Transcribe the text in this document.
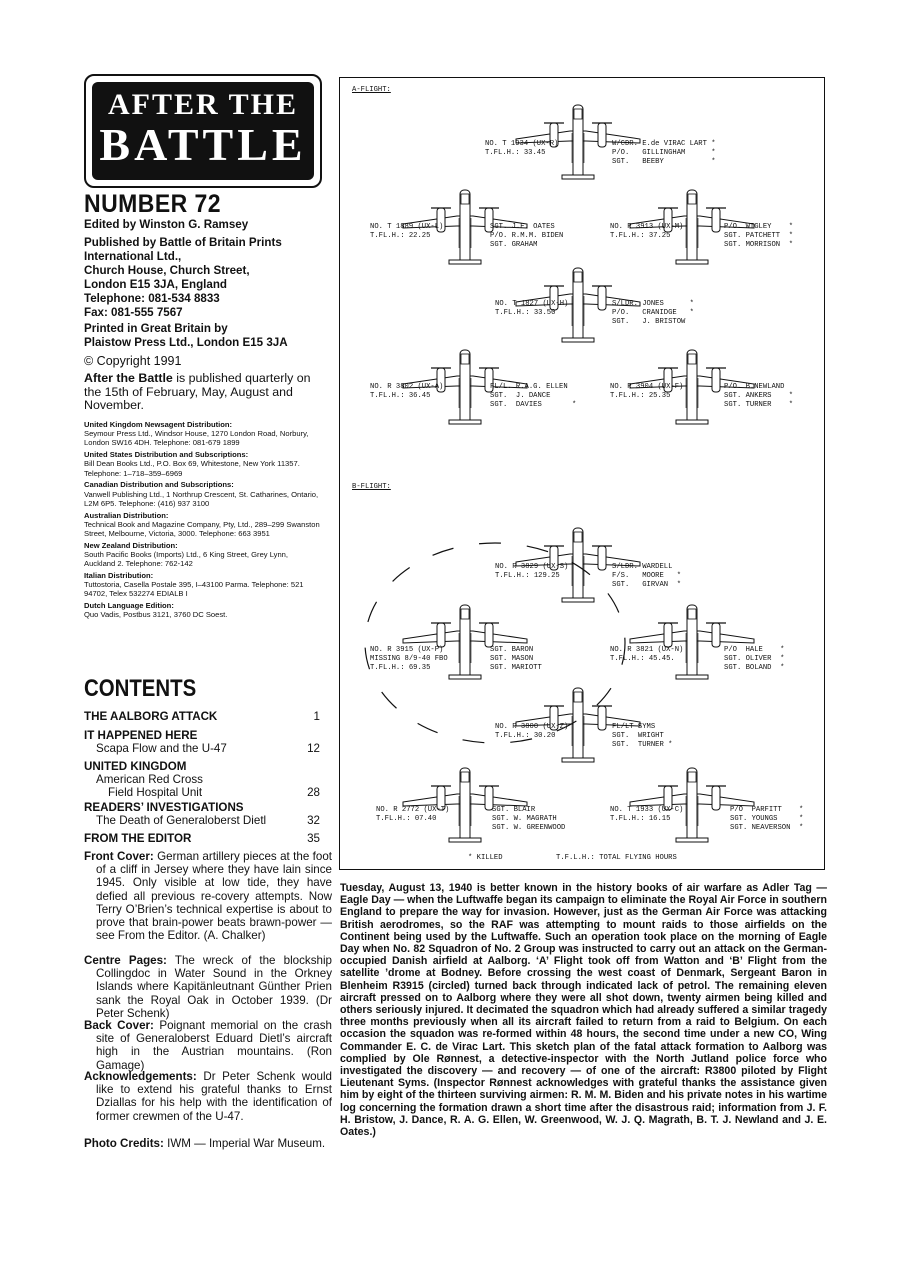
AFTER THE
BATTLE
NUMBER 72
Edited by Winston G. Ramsey
Published by Battle of Britain Prints
International Ltd.,
Church House, Church Street,
London E15 3JA, England
Telephone: 081-534 8833
Fax: 081-555 7567
Printed in Great Britain by
Plaistow Press Ltd., London E15 3JA
© Copyright 1991
After the Battle is published quarterly on the 15th of February, May, August and November.
United Kingdom Newsagent Distribution:
Seymour Press Ltd., Windsor House, 1270 London Road, Norbury, London SW16 4DH. Telephone: 081-679 1899
United States Distribution and Subscriptions:
Bill Dean Books Ltd., P.O. Box 69, Whitestone, New York 11357. Telephone: 1–718–359–6969
Canadian Distribution and Subscriptions:
Vanwell Publishing Ltd., 1 Northrup Crescent, St. Catharines, Ontario, L2M 6P5. Telephone: (416) 937 3100
Australian Distribution:
Technical Book and Magazine Company, Pty, Ltd., 289–299 Swanston Street, Melbourne, Victoria, 3000. Telephone: 663 3951
New Zealand Distribution:
South Pacific Books (Imports) Ltd., 6 King Street, Grey Lynn, Auckland 2. Telephone: 762-142
Italian Distribution:
Tuttostoria, Casella Postale 395, I–43100 Parma. Telephone: 521 94702, Telex 532274 EDIALB I
Dutch Language Edition:
Quo Vadis, Postbus 3121, 3760 DC Soest.
CONTENTS
THE AALBORG ATTACK	1
IT HAPPENED HERE
Scapa Flow and the U-47	12
UNITED KINGDOM
American Red Cross
Field Hospital Unit	28
READERS’ INVESTIGATIONS
The Death of Generaloberst Dietl	32
FROM THE EDITOR	35
Front Cover: German artillery pieces at the foot of a cliff in Jersey where they have lain since 1945. Only visible at low tide, they have defied all previous re-covery attempts. Now Terry O’Brien’s technical expertise is about to prove that brain-power beats brawn-power — see From the Editor. (A. Chalker)
Centre Pages: The wreck of the blockship Collingdoc in Water Sound in the Orkney Islands where Kapitänleutnant Günther Prien sank the Royal Oak in October 1939. (Dr Peter Schenk)
Back Cover: Poignant memorial on the crash site of Generaloberst Eduard Dietl’s aircraft high in the Austrian mountains. (Ron Gamage)
Acknowledgements: Dr Peter Schenk would like to extend his grateful thanks to Ernst Dziallas for his help with the identification of former crewmen of the U-47.
Photo Credits: IWM — Imperial War Museum.
A-FLIGHT:
B-FLIGHT:
NO. T 1934 (UX-R)
T.FL.H.: 33.45
W/CDR. E.de VIRAC LART *
P/O.   GILLINGHAM      *
SGT.   BEEBY           *
NO. T 1889 (UX-L)
T.FL.H.: 22.25
SGT. J.E. OATES
P/O. R.M.M. BIDEN
SGT. GRAHAM
NO. R 3913 (UX-M)
T.FL.H.: 37.25
P/O. WIGLEY    *
SGT. PATCHETT  *
SGT. MORRISON  *
NO. T 1827 (UX-H)
T.FL.H.: 33.50
S/LDR. JONES      *
P/O.   CRANIDGE   *
SGT.   J. BRISTOW
NO. R 3802 (UX-A)
T.FL.H.: 36.45
FL/L. R.A.G. ELLEN
SGT.  J. DANCE
SGT.  DAVIES       *
NO. R 3904 (UX-F)
T.FL.H.: 25.35
P/O. B.NEWLAND
SGT. ANKERS    *
SGT. TURNER    *
NO. R 3829 (UX-S)
T.FL.H.: 129.25
S/LDR. WARDELL
F/S.   MOORE   *
SGT.   GIRVAN  *
NO. R 3915 (UX-P)
MISSING 8/9-40 FBO
T.FL.H.: 69.35
SGT. BARON
SGT. MASON
SGT. MARIOTT
NO. R 3821 (UX-N)
T.FL.H.: 45.45.
P/O  HALE    *
SGT. OLIVER  *
SGT. BOLAND  *
NO. R 3800 (UX-Z)
T.FL.H.: 30.20
FL/LT SYMS
SGT.  WRIGHT
SGT.  TURNER *
NO. R 2772 (UX-T)
T.FL.H.: 07.40
SGT. BLAIR
SGT. W. MAGRATH
SGT. W. GREENWOOD
NO. T 1933 (UX-C)
T.FL.H.: 16.15
P/O  PARFITT    *
SGT. YOUNGS     *
SGT. NEAVERSON  *
* KILLED	T.F.L.H.: TOTAL FLYING HOURS
Tuesday, August 13, 1940 is better known in the history books of air warfare as Adler Tag — Eagle Day — when the Luftwaffe began its campaign to eliminate the Royal Air Force in southern England to prepare the way for invasion. However, just as the German Air Force was attacking British aerodromes, so the RAF was attempting to mount raids to those airfields on the Continent being used by the Luftwaffe. Such an operation took place on the morning of Eagle Day when No. 82 Squadron of No. 2 Group was instructed to carry out an attack on the German-occupied Danish airfield at Aalborg. ‘A’ Flight took off from Watton and ‘B’ Flight from the satellite ’drome at Bodney. Before crossing the west coast of Denmark, Sergeant Baron in Blenheim R3915 (circled) turned back through indicated lack of petrol. The remaining eleven aircraft pressed on to Aalborg where they were all shot down, twenty airmen being killed and others seriously injured. It decimated the squadron which had already suffered a similar tragedy three months previously when all its aircraft failed to return from a raid to Belgium. On each occasion the squadon was re-formed within 48 hours, the second time under a new CO, Wing Commander E. C. de Virac Lart. This sketch plan of the fatal attack formation to Aalborg was complied by Ole Rønnest, a detective-inspector with the North Jutland police force who investigated the discovery — and recovery — of one of the aircraft: R3800 piloted by Flight Lieutenant Syms. (Inspector Rønnest acknowledges with grateful thanks the assistance given him by eight of the thirteen surviving airmen: R. M. M. Biden and his private notes in his wartime log concerning the formation drawn a short time after the disastrous raid; information from J. F. H. Bristow, J. Dance, R. A. G. Ellen, W. Greenwood, W. J. Q. Magrath, B. T. J. Newland and J. E. Oates.)
